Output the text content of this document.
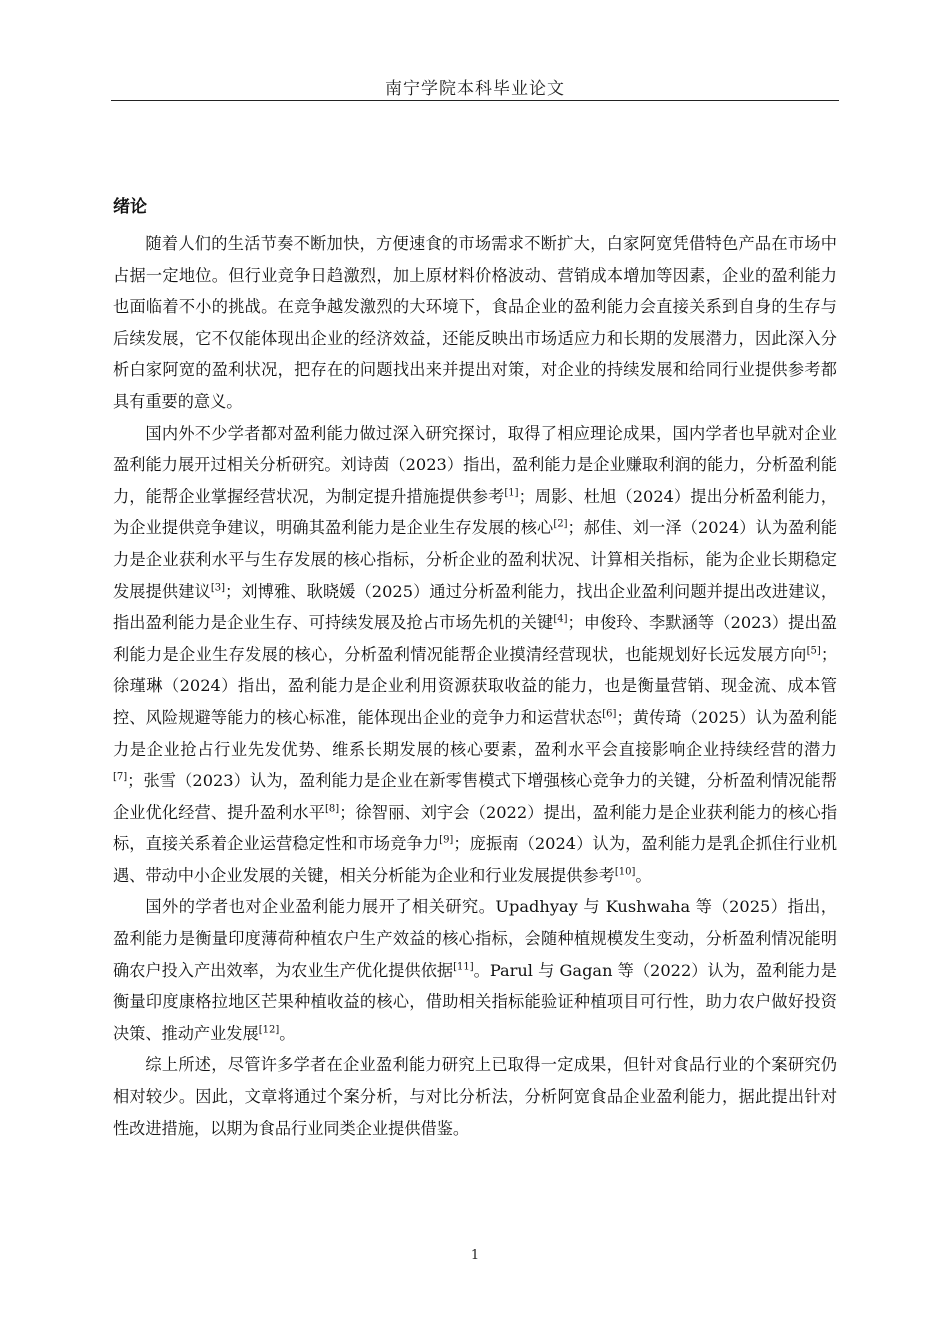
南宁学院本科毕业论文
绪论

随着人们的生活节奏不断加快，方便速食的市场需求不断扩大，白家阿宽凭借特色产品在市场中占据一定地位。但行业竞争日趋激烈，加上原材料价格波动、营销成本增加等因素，企业的盈利能力也面临着不小的挑战。在竞争越发激烈的大环境下，食品企业的盈利能力会直接关系到自身的生存与后续发展，它不仅能体现出企业的经济效益，还能反映出市场适应力和长期的发展潜力，因此深入分析白家阿宽的盈利状况，把存在的问题找出来并提出对策，对企业的持续发展和给同行业提供参考都具有重要的意义。

国内外不少学者都对盈利能力做过深入研究探讨，取得了相应理论成果，国内学者也早就对企业盈利能力展开过相关分析研究。刘诗茵（2023）指出，盈利能力是企业赚取利润的能力，分析盈利能力，能帮企业掌握经营状况，为制定提升措施提供参考[1]；周影、杜旭（2024）提出分析盈利能力，为企业提供竞争建议，明确其盈利能力是企业生存发展的核心[2]；郝佳、刘一泽（2024）认为盈利能力是企业获利水平与生存发展的核心指标，分析企业的盈利状况、计算相关指标，能为企业长期稳定发展提供建议[3]；刘博雅、耿晓媛（2025）通过分析盈利能力，找出企业盈利问题并提出改进建议，指出盈利能力是企业生存、可持续发展及抢占市场先机的关键[4]；申俊玲、李默涵等（2023）提出盈利能力是企业生存发展的核心，分析盈利情况能帮企业摸清经营现状，也能规划好长远发展方向[5]；徐瑾琳（2024）指出，盈利能力是企业利用资源获取收益的能力，也是衡量营销、现金流、成本管控、风险规避等能力的核心标准，能体现出企业的竞争力和运营状态[6]；黄传琦（2025）认为盈利能力是企业抢占行业先发优势、维系长期发展的核心要素，盈利水平会直接影响企业持续经营的潜力[7]；张雪（2023）认为，盈利能力是企业在新零售模式下增强核心竞争力的关键，分析盈利情况能帮企业优化经营、提升盈利水平[8]；徐智丽、刘宇会（2022）提出，盈利能力是企业获利能力的核心指标，直接关系着企业运营稳定性和市场竞争力[9]；庞振南（2024）认为，盈利能力是乳企抓住行业机遇、带动中小企业发展的关键，相关分析能为企业和行业发展提供参考[10]。

国外的学者也对企业盈利能力展开了相关研究。Upadhyay 与 Kushwaha 等（2025）指出，盈利能力是衡量印度薄荷种植农户生产效益的核心指标，会随种植规模发生变动，分析盈利情况能明确农户投入产出效率，为农业生产优化提供依据[11]。Parul 与 Gagan 等（2022）认为，盈利能力是衡量印度康格拉地区芒果种植收益的核心，借助相关指标能验证种植项目可行性，助力农户做好投资决策、推动产业发展[12]。

综上所述，尽管许多学者在企业盈利能力研究上已取得一定成果，但针对食品行业的个案研究仍相对较少。因此，文章将通过个案分析，与对比分析法，分析阿宽食品企业盈利能力，据此提出针对性改进措施，以期为食品行业同类企业提供借鉴。

1
